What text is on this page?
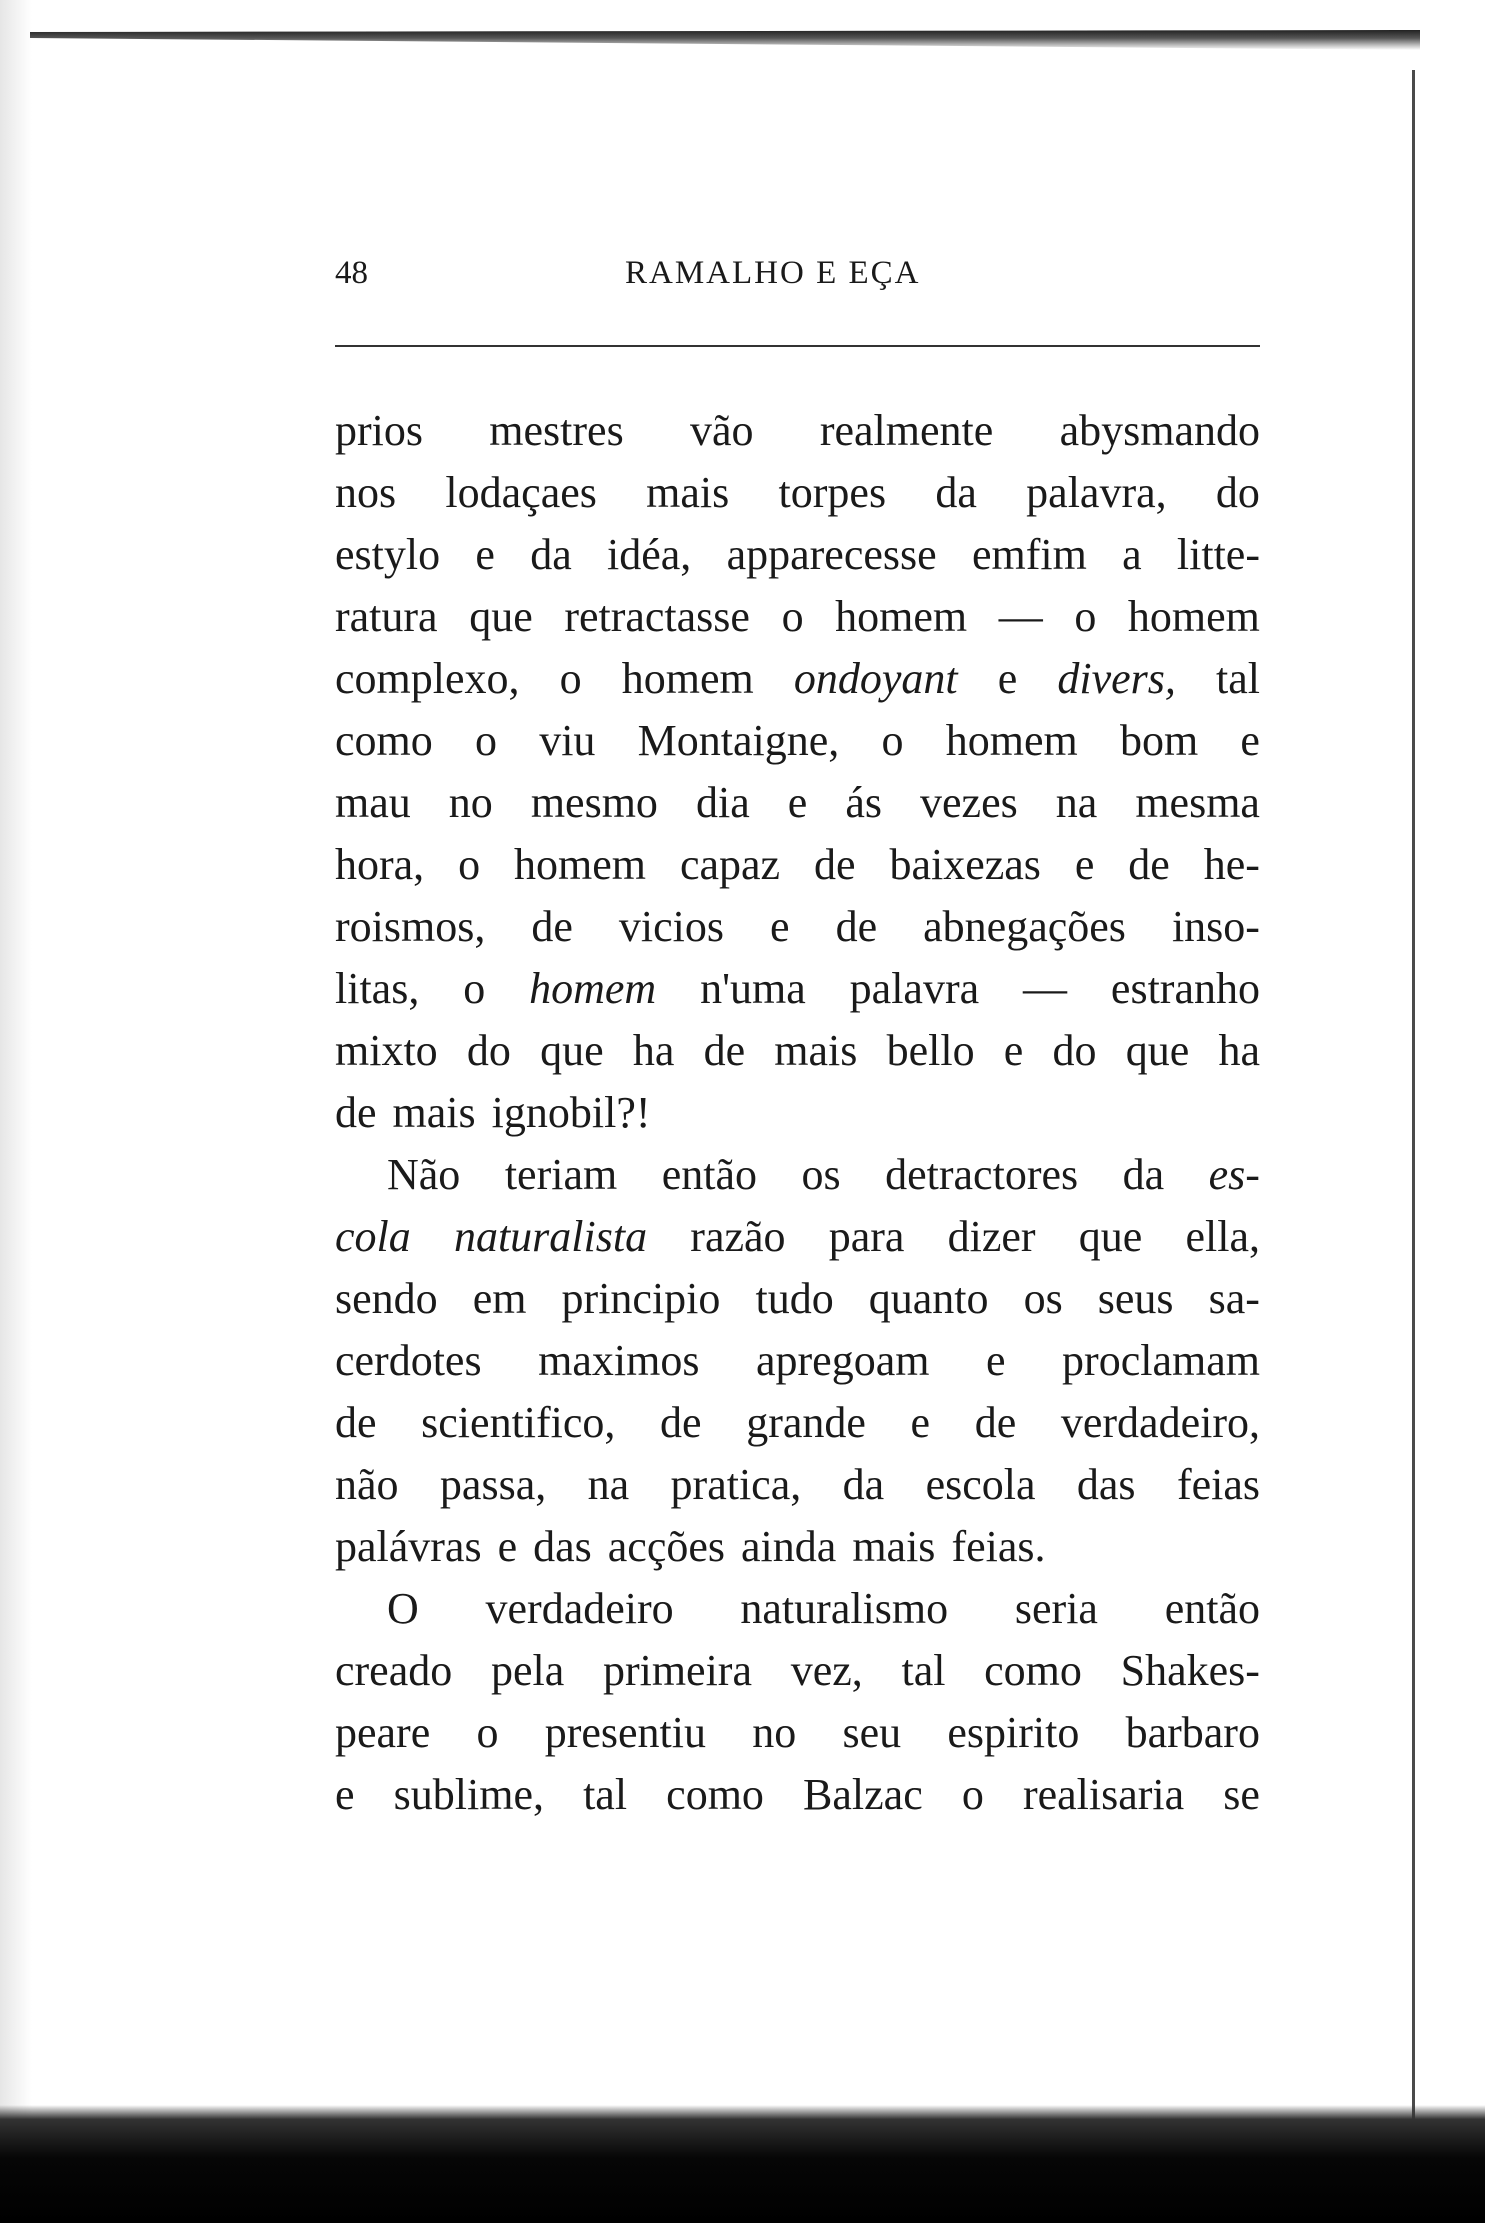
48	RAMALHO E EÇA
prios mestres vão realmente abysmando
nos lodaçaes mais torpes da palavra, do
estylo e da idéa, apparecesse emfim a litte-
ratura que retractasse o homem — o homem
complexo, o homem ondoyant e divers, tal
como o viu Montaigne, o homem bom e
mau no mesmo dia e ás vezes na mesma
hora, o homem capaz de baixezas e de he-
roismos, de vicios e de abnegações inso-
litas, o homem n'uma palavra — estranho
mixto do que ha de mais bello e do que ha
de mais ignobil?!
Não teriam então os detractores da es-
cola naturalista razão para dizer que ella,
sendo em principio tudo quanto os seus sa-
cerdotes maximos apregoam e proclamam
de scientifico, de grande e de verdadeiro,
não passa, na pratica, da escola das feias
palávras e das acções ainda mais feias.
O verdadeiro naturalismo seria então
creado pela primeira vez, tal como Shakes-
peare o presentiu no seu espirito barbaro
e sublime, tal como Balzac o realisaria se
